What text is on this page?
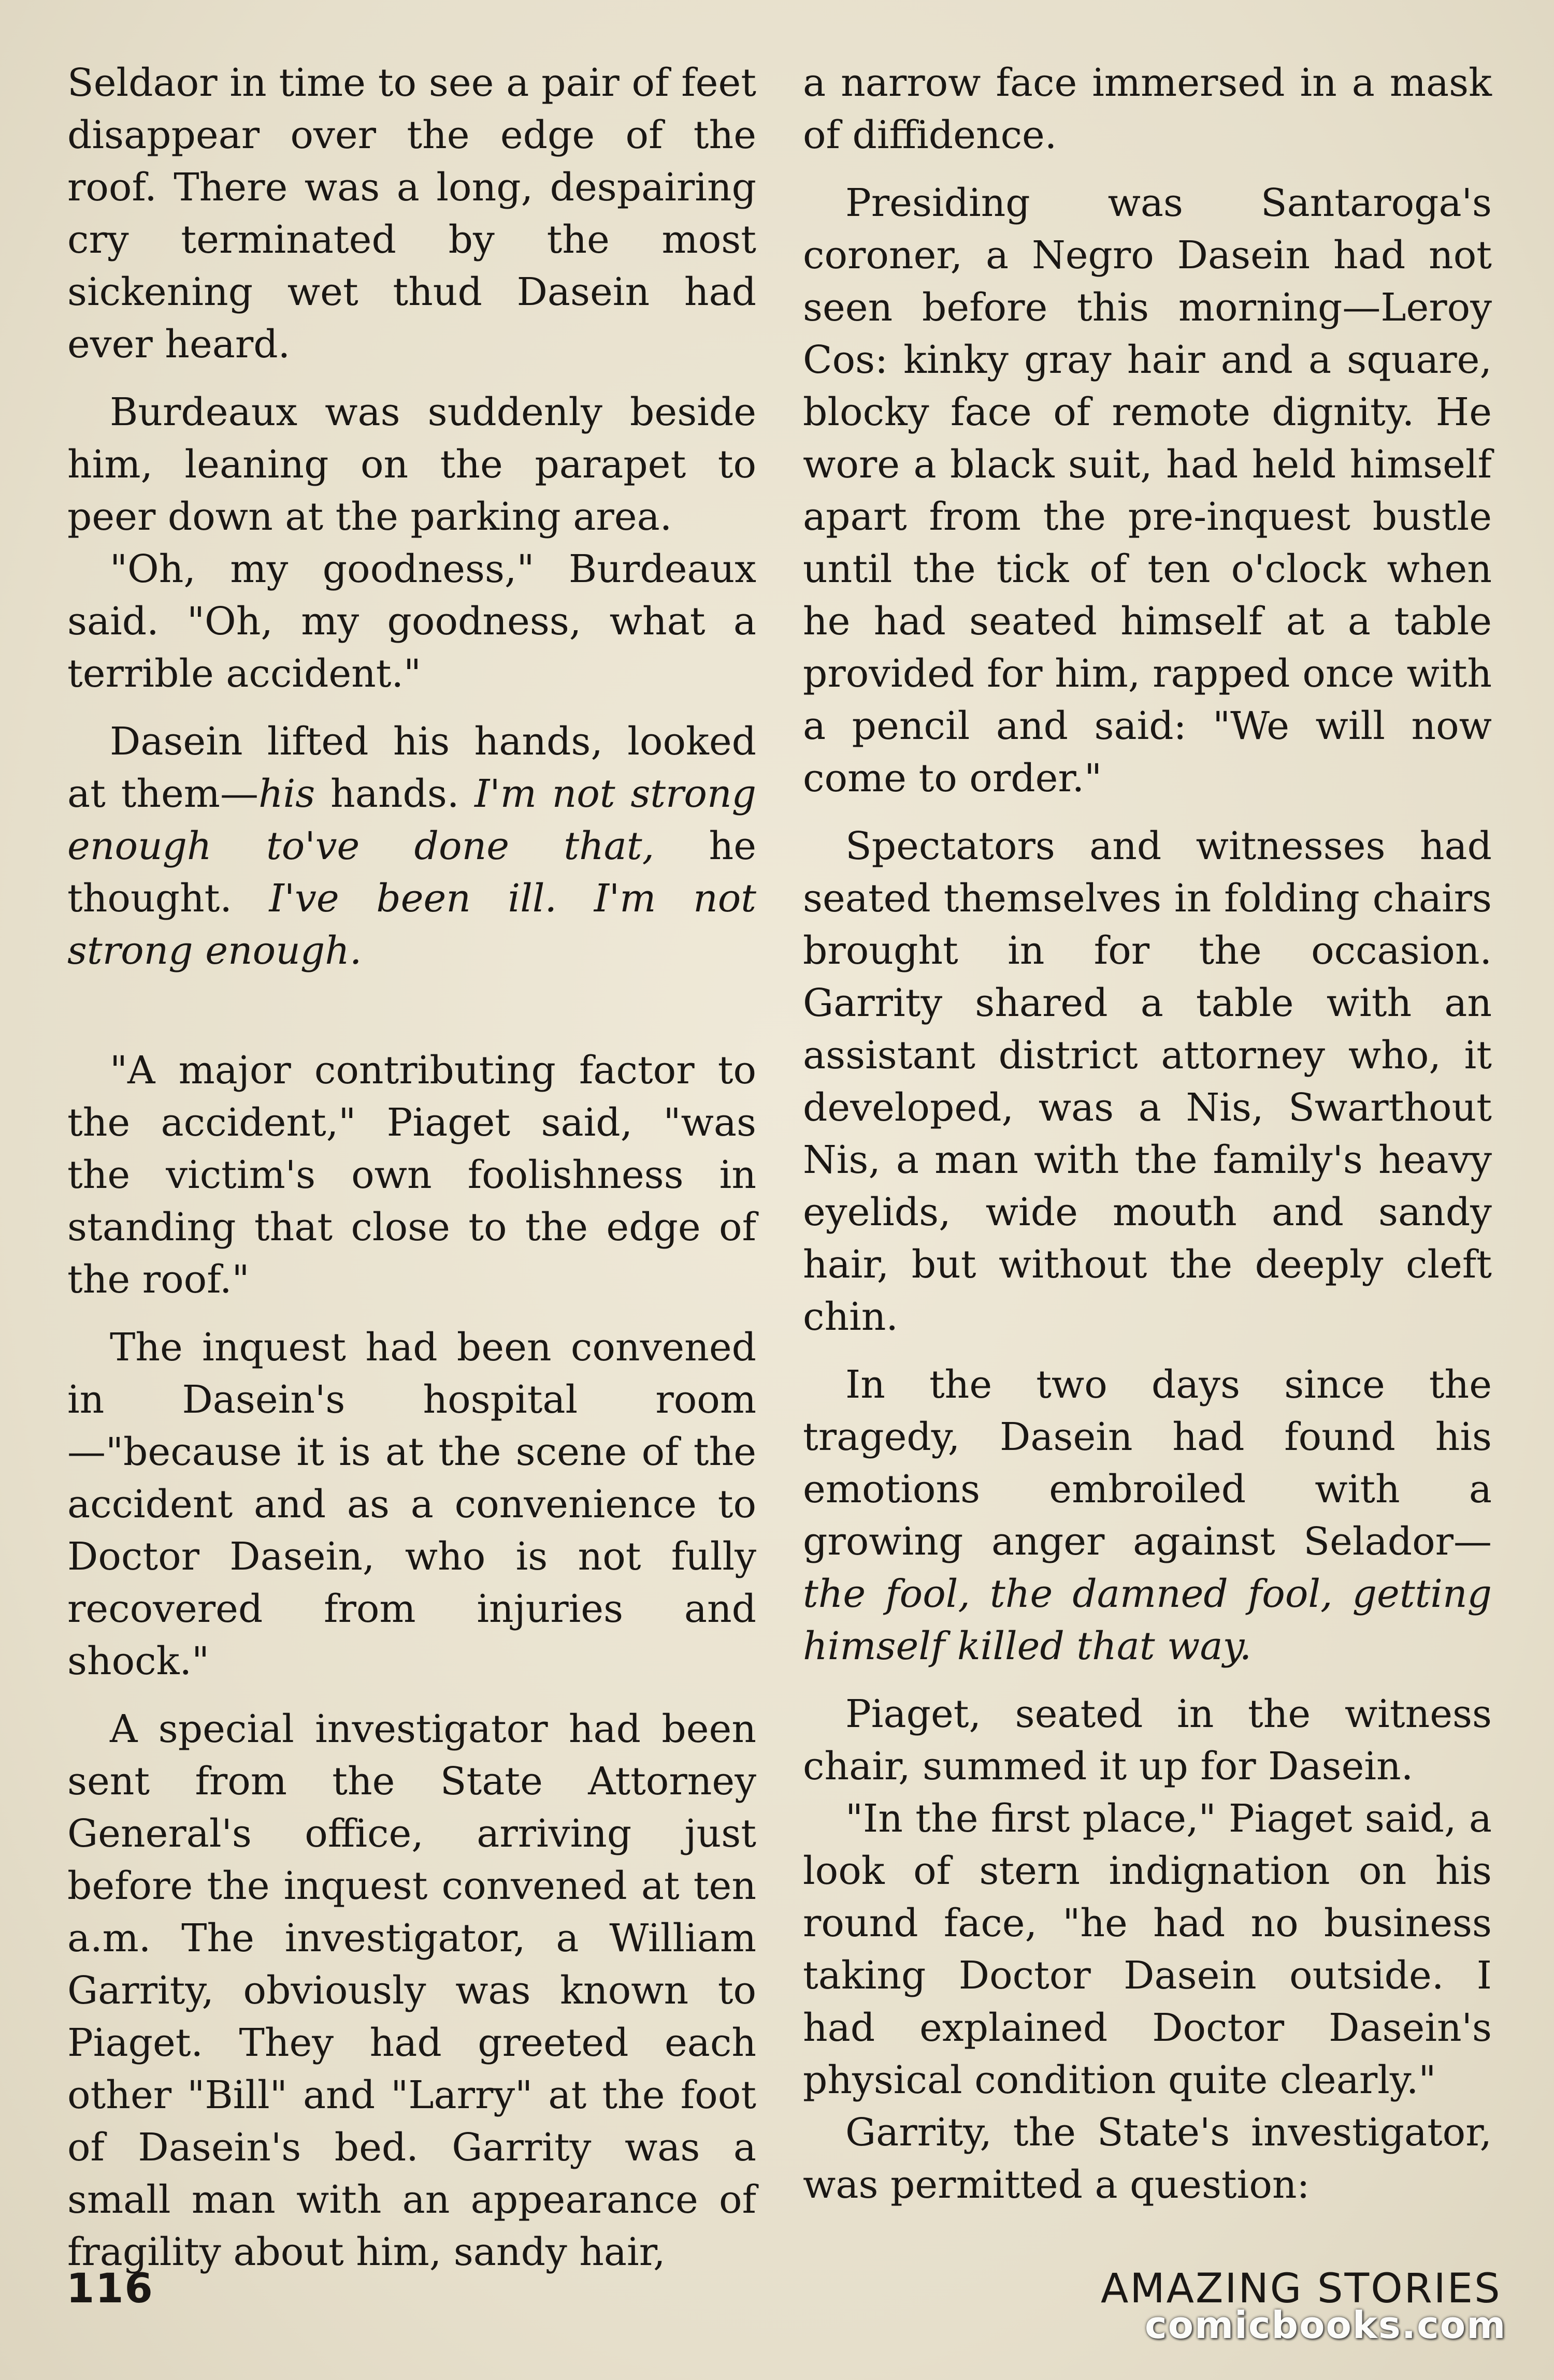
Seldaor in time to see a pair of feet disappear over the edge of the roof. There was a long, despairing cry terminated by the most sickening wet thud Dasein had ever heard.

Burdeaux was suddenly beside him, leaning on the parapet to peer down at the parking area.

"Oh, my goodness," Burdeaux said. "Oh, my goodness, what a terrible accident."

Dasein lifted his hands, looked at them—his hands. I'm not strong enough to've done that, he thought. I've been ill. I'm not strong enough.

"A major contributing factor to the accident," Piaget said, "was the victim's own foolishness in standing that close to the edge of the roof."

The inquest had been convened in Dasein's hospital room—"because it is at the scene of the accident and as a convenience to Doctor Dasein, who is not fully recovered from injuries and shock."

A special investigator had been sent from the State Attorney General's office, arriving just before the inquest convened at ten a.m. The investigator, a William Garrity, obviously was known to Piaget. They had greeted each other "Bill" and "Larry" at the foot of Dasein's bed. Garrity was a small man with an appearance of fragility about him, sandy hair,

a narrow face immersed in a mask of diffidence.

Presiding was Santaroga's coroner, a Negro Dasein had not seen before this morning—Leroy Cos: kinky gray hair and a square, blocky face of remote dignity. He wore a black suit, had held himself apart from the pre-inquest bustle until the tick of ten o'clock when he had seated himself at a table provided for him, rapped once with a pencil and said: "We will now come to order."

Spectators and witnesses had seated themselves in folding chairs brought in for the occasion. Garrity shared a table with an assistant district attorney who, it developed, was a Nis, Swarthout Nis, a man with the family's heavy eyelids, wide mouth and sandy hair, but without the deeply cleft chin.

In the two days since the tragedy, Dasein had found his emotions embroiled with a growing anger against Selador—the fool, the damned fool, getting himself killed that way.

Piaget, seated in the witness chair, summed it up for Dasein.

"In the first place," Piaget said, a look of stern indignation on his round face, "he had no business taking Doctor Dasein outside. I had explained Doctor Dasein's physical condition quite clearly."

Garrity, the State's investigator, was permitted a question:

116	AMAZING STORIES
comicbooks.com
